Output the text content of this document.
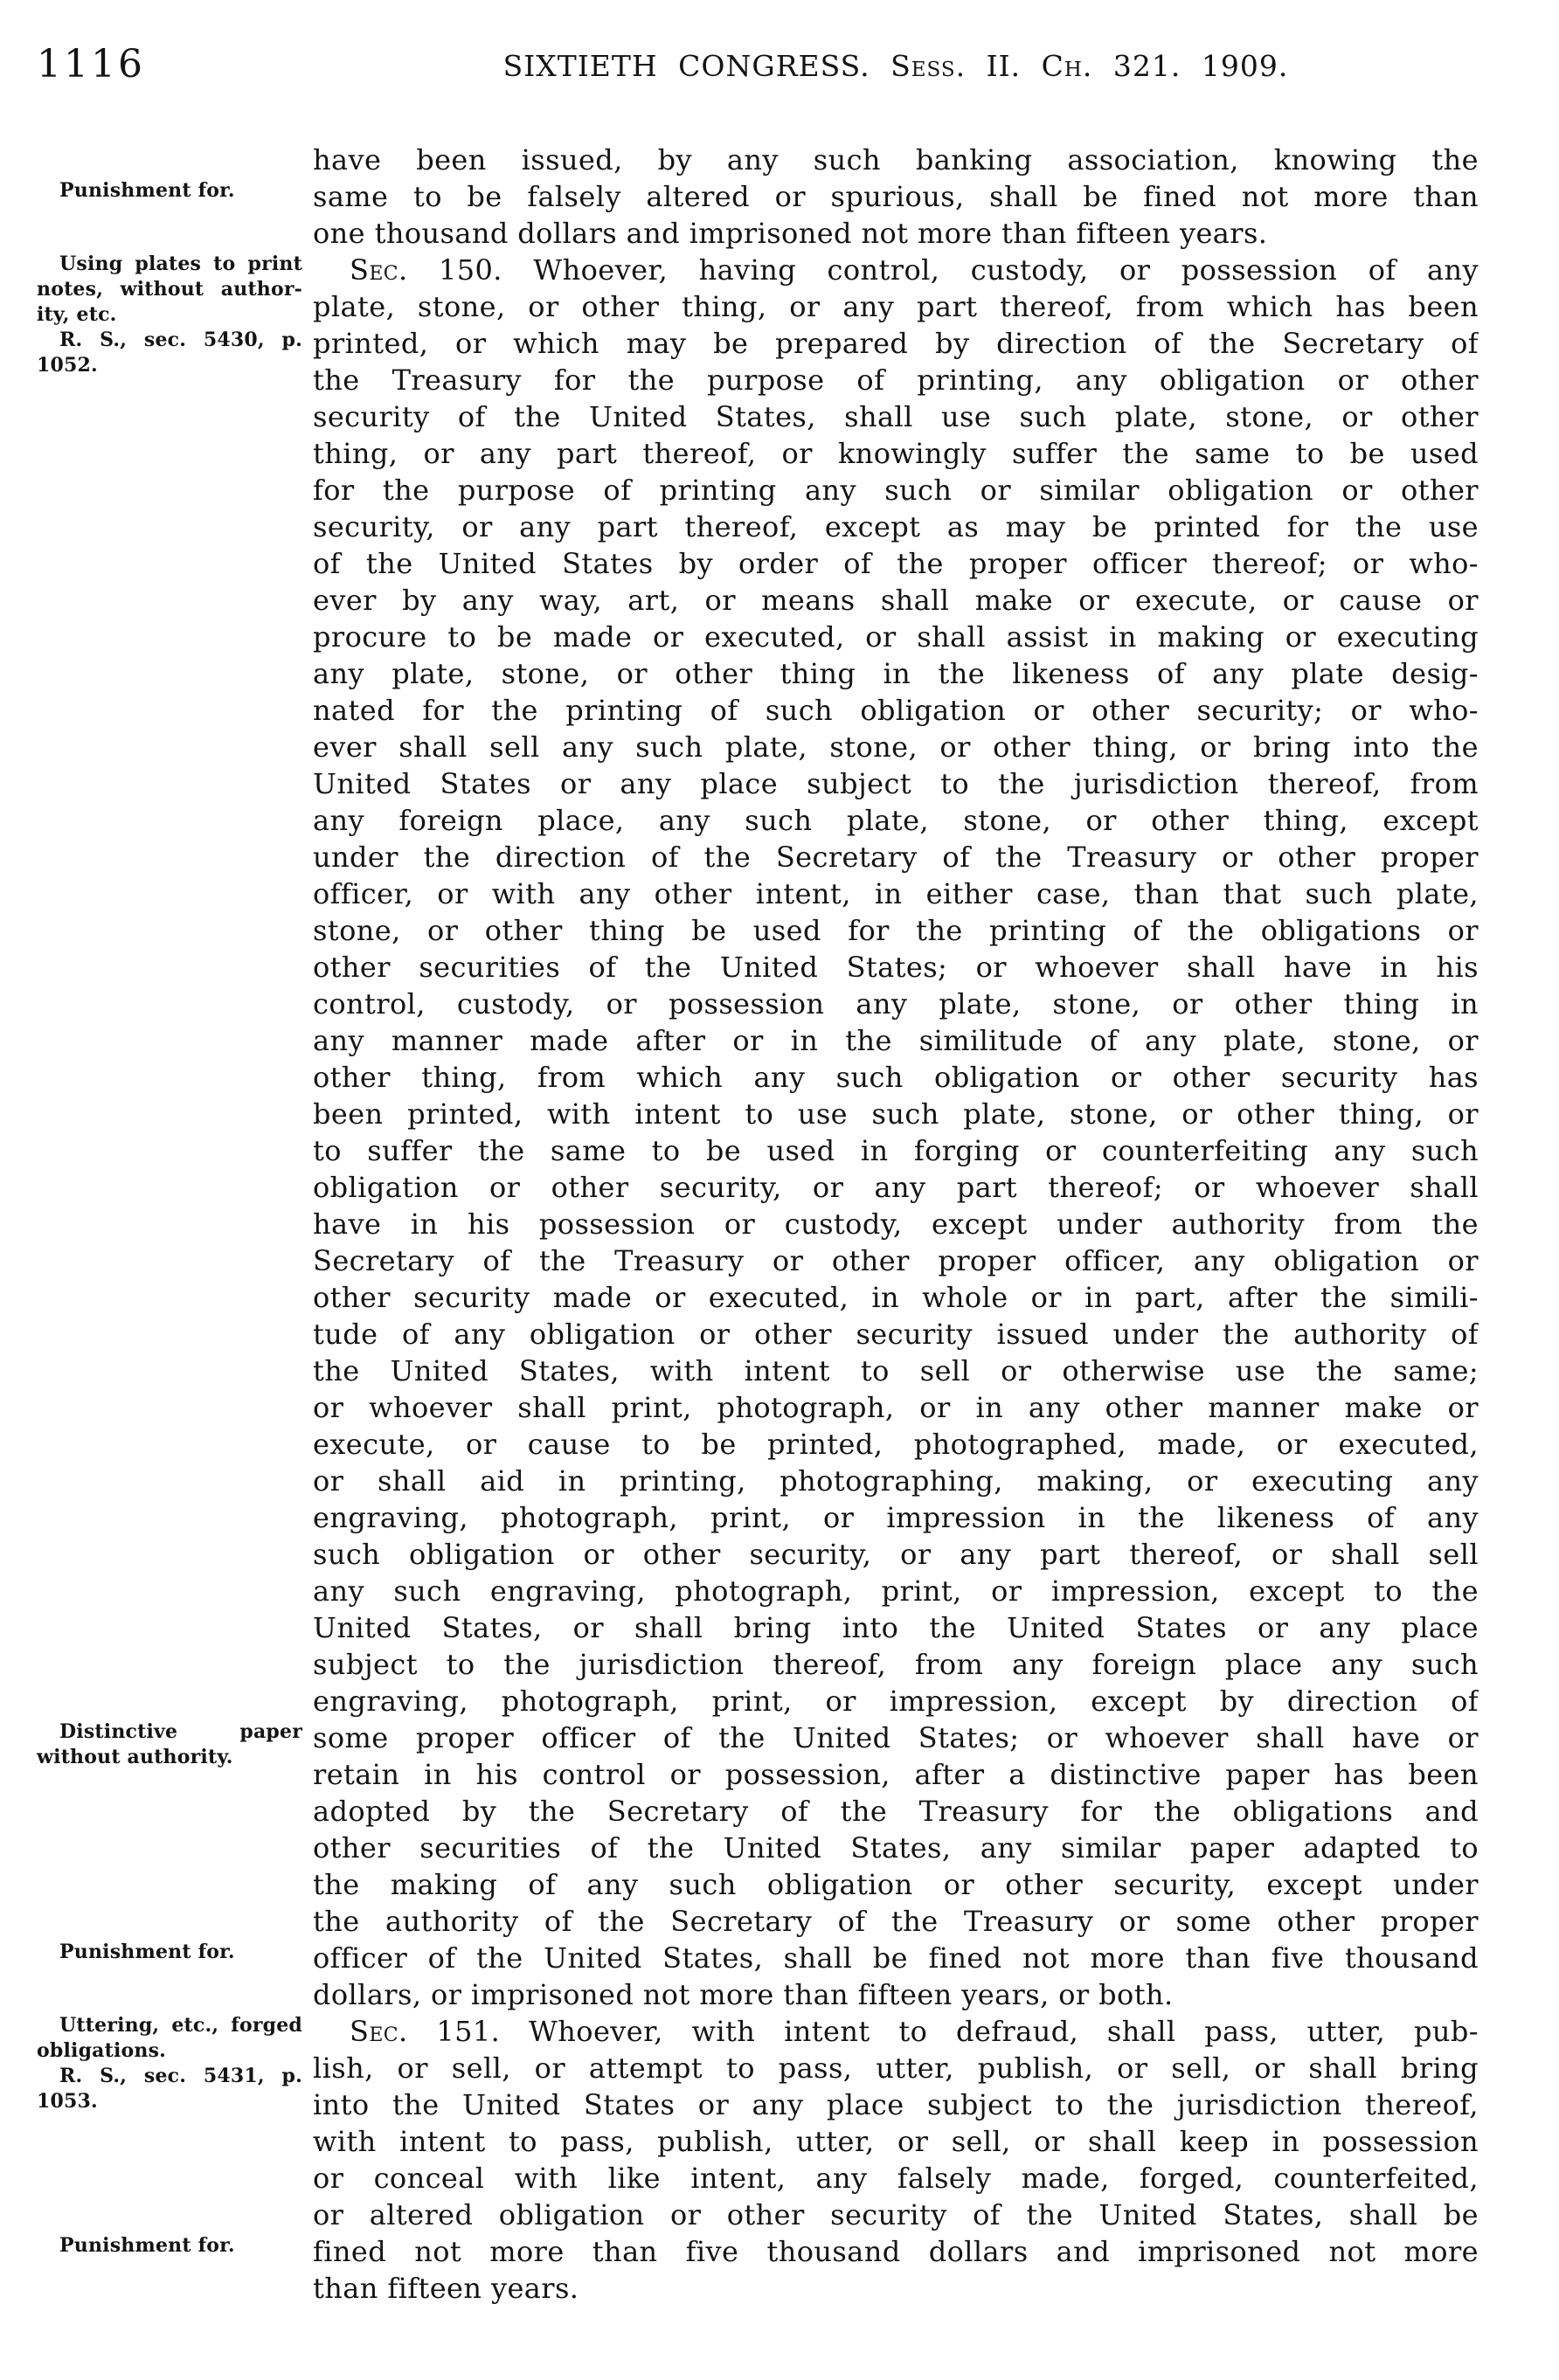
1116	SIXTIETH CONGRESS. Sess. II. Ch. 321. 1909.
Punishment for.
Using plates to print
notes, without author-
ity, etc.
R. S., sec. 5430, p.
1052.
Distinctive paper
without authority.
Punishment for.
Uttering, etc., forged
obligations.
R. S., sec. 5431, p.
1053.
Punishment for.
have been issued, by any such banking association, knowing the
same to be falsely altered or spurious, shall be fined not more than
one thousand dollars and imprisoned not more than fifteen years.
Sec. 150. Whoever, having control, custody, or possession of any
plate, stone, or other thing, or any part thereof, from which has been
printed, or which may be prepared by direction of the Secretary of
the Treasury for the purpose of printing, any obligation or other
security of the United States, shall use such plate, stone, or other
thing, or any part thereof, or knowingly suffer the same to be used
for the purpose of printing any such or similar obligation or other
security, or any part thereof, except as may be printed for the use
of the United States by order of the proper officer thereof; or who-
ever by any way, art, or means shall make or execute, or cause or
procure to be made or executed, or shall assist in making or executing
any plate, stone, or other thing in the likeness of any plate desig-
nated for the printing of such obligation or other security; or who-
ever shall sell any such plate, stone, or other thing, or bring into the
United States or any place subject to the jurisdiction thereof, from
any foreign place, any such plate, stone, or other thing, except
under the direction of the Secretary of the Treasury or other proper
officer, or with any other intent, in either case, than that such plate,
stone, or other thing be used for the printing of the obligations or
other securities of the United States; or whoever shall have in his
control, custody, or possession any plate, stone, or other thing in
any manner made after or in the similitude of any plate, stone, or
other thing, from which any such obligation or other security has
been printed, with intent to use such plate, stone, or other thing, or
to suffer the same to be used in forging or counterfeiting any such
obligation or other security, or any part thereof; or whoever shall
have in his possession or custody, except under authority from the
Secretary of the Treasury or other proper officer, any obligation or
other security made or executed, in whole or in part, after the simili-
tude of any obligation or other security issued under the authority of
the United States, with intent to sell or otherwise use the same;
or whoever shall print, photograph, or in any other manner make or
execute, or cause to be printed, photographed, made, or executed,
or shall aid in printing, photographing, making, or executing any
engraving, photograph, print, or impression in the likeness of any
such obligation or other security, or any part thereof, or shall sell
any such engraving, photograph, print, or impression, except to the
United States, or shall bring into the United States or any place
subject to the jurisdiction thereof, from any foreign place any such
engraving, photograph, print, or impression, except by direction of
some proper officer of the United States; or whoever shall have or
retain in his control or possession, after a distinctive paper has been
adopted by the Secretary of the Treasury for the obligations and
other securities of the United States, any similar paper adapted to
the making of any such obligation or other security, except under
the authority of the Secretary of the Treasury or some other proper
officer of the United States, shall be fined not more than five thousand
dollars, or imprisoned not more than fifteen years, or both.
Sec. 151. Whoever, with intent to defraud, shall pass, utter, pub-
lish, or sell, or attempt to pass, utter, publish, or sell, or shall bring
into the United States or any place subject to the jurisdiction thereof,
with intent to pass, publish, utter, or sell, or shall keep in possession
or conceal with like intent, any falsely made, forged, counterfeited,
or altered obligation or other security of the United States, shall be
fined not more than five thousand dollars and imprisoned not more
than fifteen years.
